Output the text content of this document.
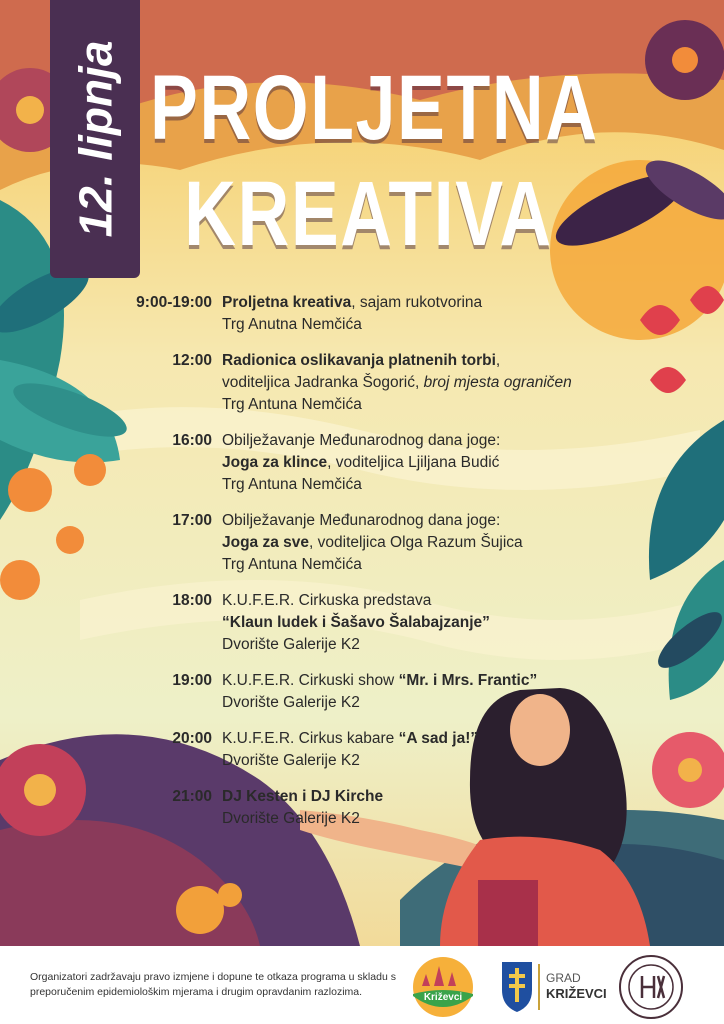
12. lipnja PROLJETNA
KREATIVA
9:00-19:00 Proljetna kreativa, sajam rukotvorina
Trg Anutna Nemčića
12:00 Radionica oslikavanja platnenih torbi,
voditeljica Jadranka Šogorić, broj mjesta ograničen
Trg Antuna Nemčića
16:00 Obilježavanje Međunarodnog dana joge:
Joga za klince, voditeljica Ljiljana Budić
Trg Antuna Nemčića
17:00 Obilježavanje Međunarodnog dana joge:
Joga za sve, voditeljica Olga Razum Šujica
Trg Antuna Nemčića
18:00 K.U.F.E.R. Cirkuska predstava
“Klaun ludek i Šašavo Šalabajzanje”
Dvorište Galerije K2
19:00 K.U.F.E.R. Cirkuski show “Mr. i Mrs. Frantic”
Dvorište Galerije K2
20:00 K.U.F.E.R. Cirkus kabare “A sad ja!”
Dvorište Galerije K2
21:00 DJ Kesten i DJ Kirche
Dvorište Galerije K2
Organizatori zadržavaju pravo izmjene i dopune te otkaza programa u skladu s preporučenim epidemiološkim mjerama i drugim opravdanim razlozima.	Križevci
GRAD
KRIŽEVCI
